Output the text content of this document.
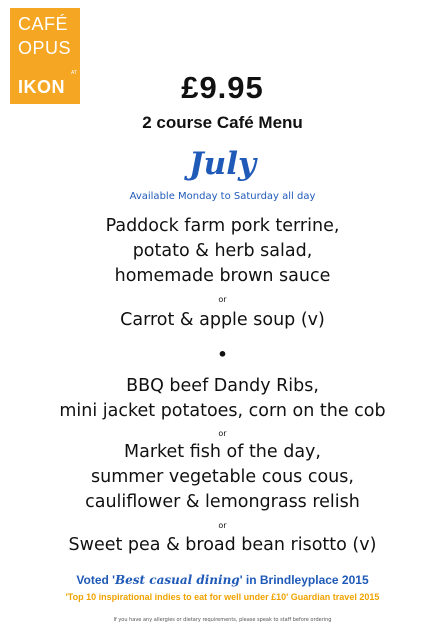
CAFÉ
OPUS
AT
IKON	£9.95
2 course Café Menu
July
Available Monday to Saturday all day
Paddock farm pork terrine,
potato & herb salad,
homemade brown sauce
or
Carrot & apple soup (v)
•
BBQ beef Dandy Ribs,
mini jacket potatoes, corn on the cob
or
Market fish of the day,
summer vegetable cous cous,
cauliflower & lemongrass relish
or
Sweet pea & broad bean risotto (v)
Voted 'Best casual dining' in Brindleyplace 2015
'Top 10 inspirational indies to eat for well under £10' Guardian travel 2015
If you have any allergies or dietary requirements, please speak to staff before ordering
